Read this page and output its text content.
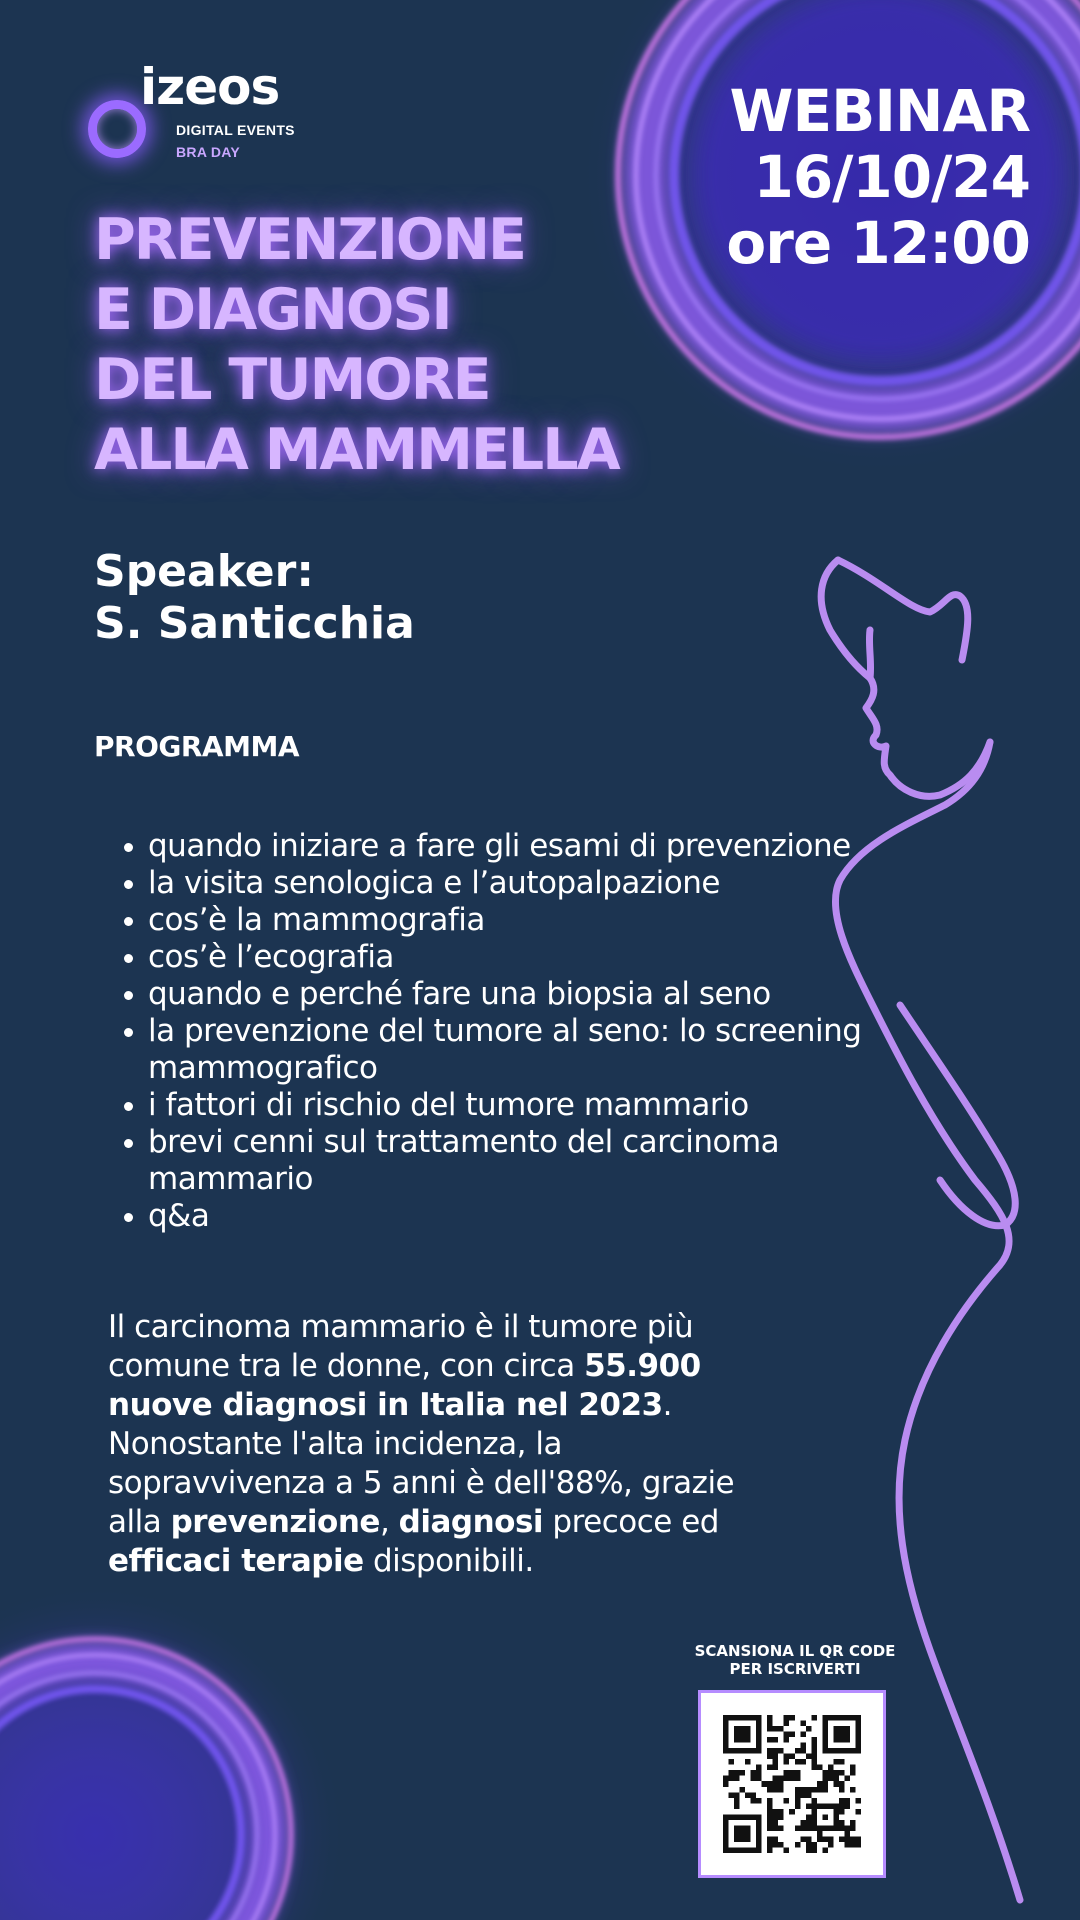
izeos
DIGITAL EVENTS
BRA DAY
WEBINAR
16/10/24
ore 12:00
PREVENZIONE
E DIAGNOSI
DEL TUMORE
ALLA MAMMELLA
Speaker:
S. Santicchia
PROGRAMMA
• quando iniziare a fare gli esami di prevenzione
• la visita senologica e l’autopalpazione
• cos’è la mammografia
• cos’è l’ecografia
• quando e perché fare una biopsia al seno
• la prevenzione del tumore al seno: lo screening mammografico
• i fattori di rischio del tumore mammario
• brevi cenni sul trattamento del carcinoma mammario
• q&a
Il carcinoma mammario è il tumore più comune tra le donne, con circa 55.900 nuove diagnosi in Italia nel 2023.
Nonostante l'alta incidenza, la sopravvivenza a 5 anni è dell'88%, grazie alla prevenzione, diagnosi precoce ed efficaci terapie disponibili.
SCANSIONA IL QR CODE
PER ISCRIVERTI
